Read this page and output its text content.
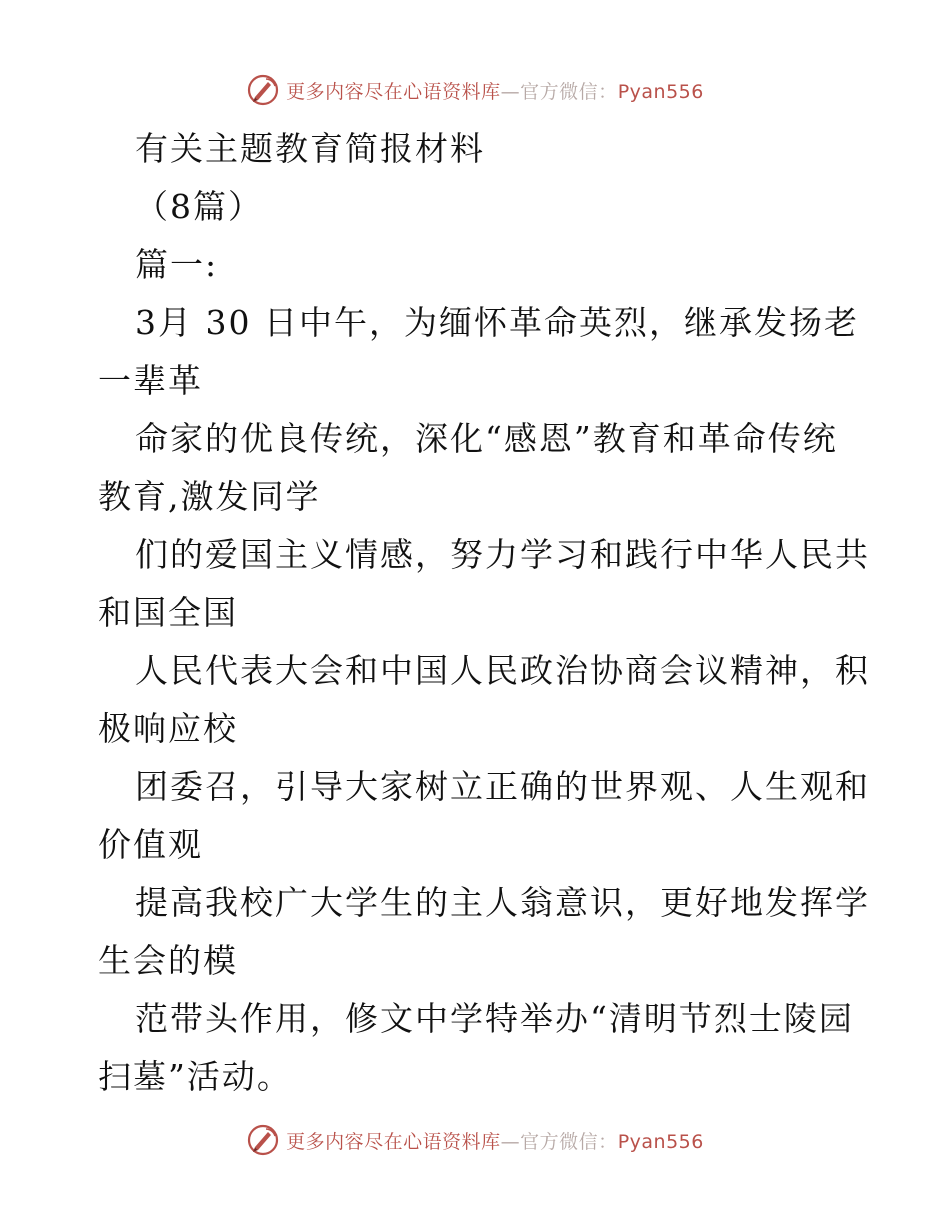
更多内容尽在心语资料库—官方微信：Pyan556
有关主题教育简报材料
（8篇）
篇一:
3月 30 日中午，为缅怀革命英烈，继承发扬老
一辈革
命家的优良传统，深化“感恩”教育和革命传统
教育,激发同学
们的爱国主义情感，努力学习和践行中华人民共
和国全国
人民代表大会和中国人民政治协商会议精神，积
极响应校
团委召，引导大家树立正确的世界观、人生观和
价值观
提高我校广大学生的主人翁意识，更好地发挥学
生会的模
范带头作用，修文中学特举办“清明节烈士陵园
扫墓”活动。
更多内容尽在心语资料库—官方微信：Pyan556
